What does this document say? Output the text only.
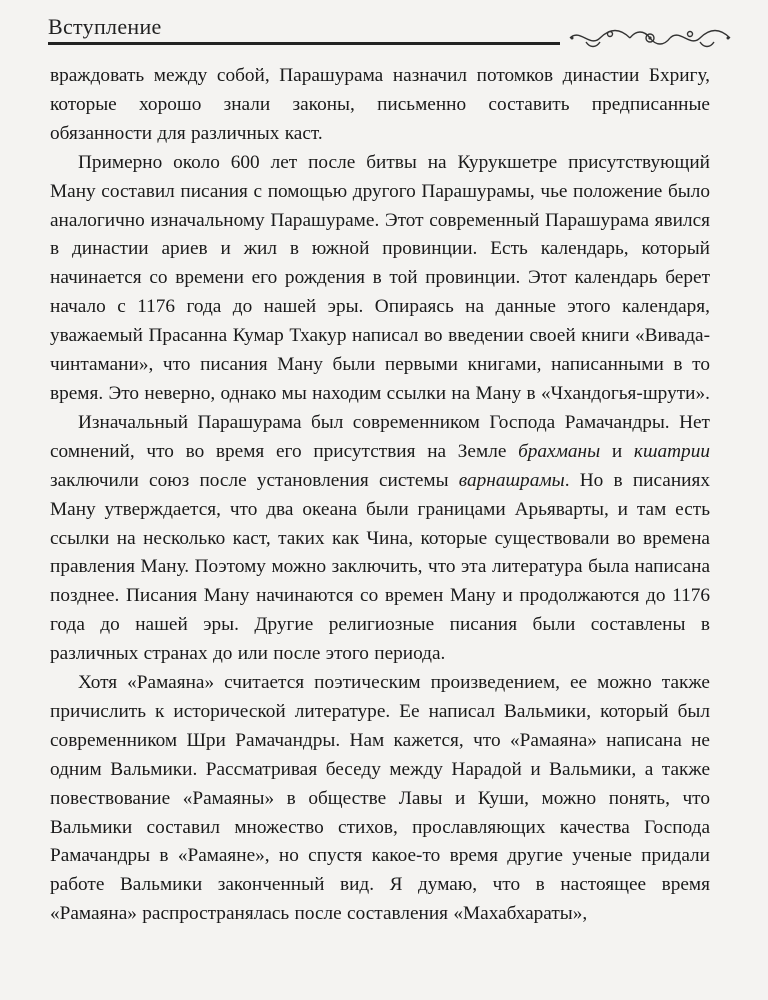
Вступление

враждовать между собой, Парашурама назначил потомков династии Бхригу, которые хорошо знали законы, письменно составить предписанные обязанности для различных каст.

Примерно около 600 лет после битвы на Курукшетре присутствующий Ману составил писания с помощью другого Парашурамы, чье положение было аналогично изначальному Парашураме. Этот современный Парашурама явился в династии ариев и жил в южной провинции. Есть календарь, который начинается со времени его рождения в той провинции. Этот календарь берет начало с 1176 года до нашей эры. Опираясь на данные этого календаря, уважаемый Прасанна Кумар Тхакур написал во введении своей книги «Вивада-чинтамани», что писания Ману были первыми книгами, написанными в то время. Это неверно, однако мы находим ссылки на Ману в «Чхандогья-шрути».

Изначальный Парашурама был современником Господа Рамачандры. Нет сомнений, что во время его присутствия на Земле брахманы и кшатрии заключили союз после установления системы варнашрамы. Но в писаниях Ману утверждается, что два океана были границами Арьяварты, и там есть ссылки на несколько каст, таких как Чина, которые существовали во времена правления Ману. Поэтому можно заключить, что эта литература была написана позднее. Писания Ману начинаются со времен Ману и продолжаются до 1176 года до нашей эры. Другие религиозные писания были составлены в различных странах до или после этого периода.

Хотя «Рамаяна» считается поэтическим произведением, ее можно также причислить к исторической литературе. Ее написал Вальмики, который был современником Шри Рамачандры. Нам кажется, что «Рамаяна» написана не одним Вальмики. Рассматривая беседу между Нарадой и Вальмики, а также повествование «Рамаяны» в обществе Лавы и Куши, можно понять, что Вальмики составил множество стихов, прославляющих качества Господа Рамачандры в «Рамаяне», но спустя какое-то время другие ученые придали работе Вальмики законченный вид. Я думаю, что в настоящее время «Рамаяна» распространялась после составления «Махабхараты»,
